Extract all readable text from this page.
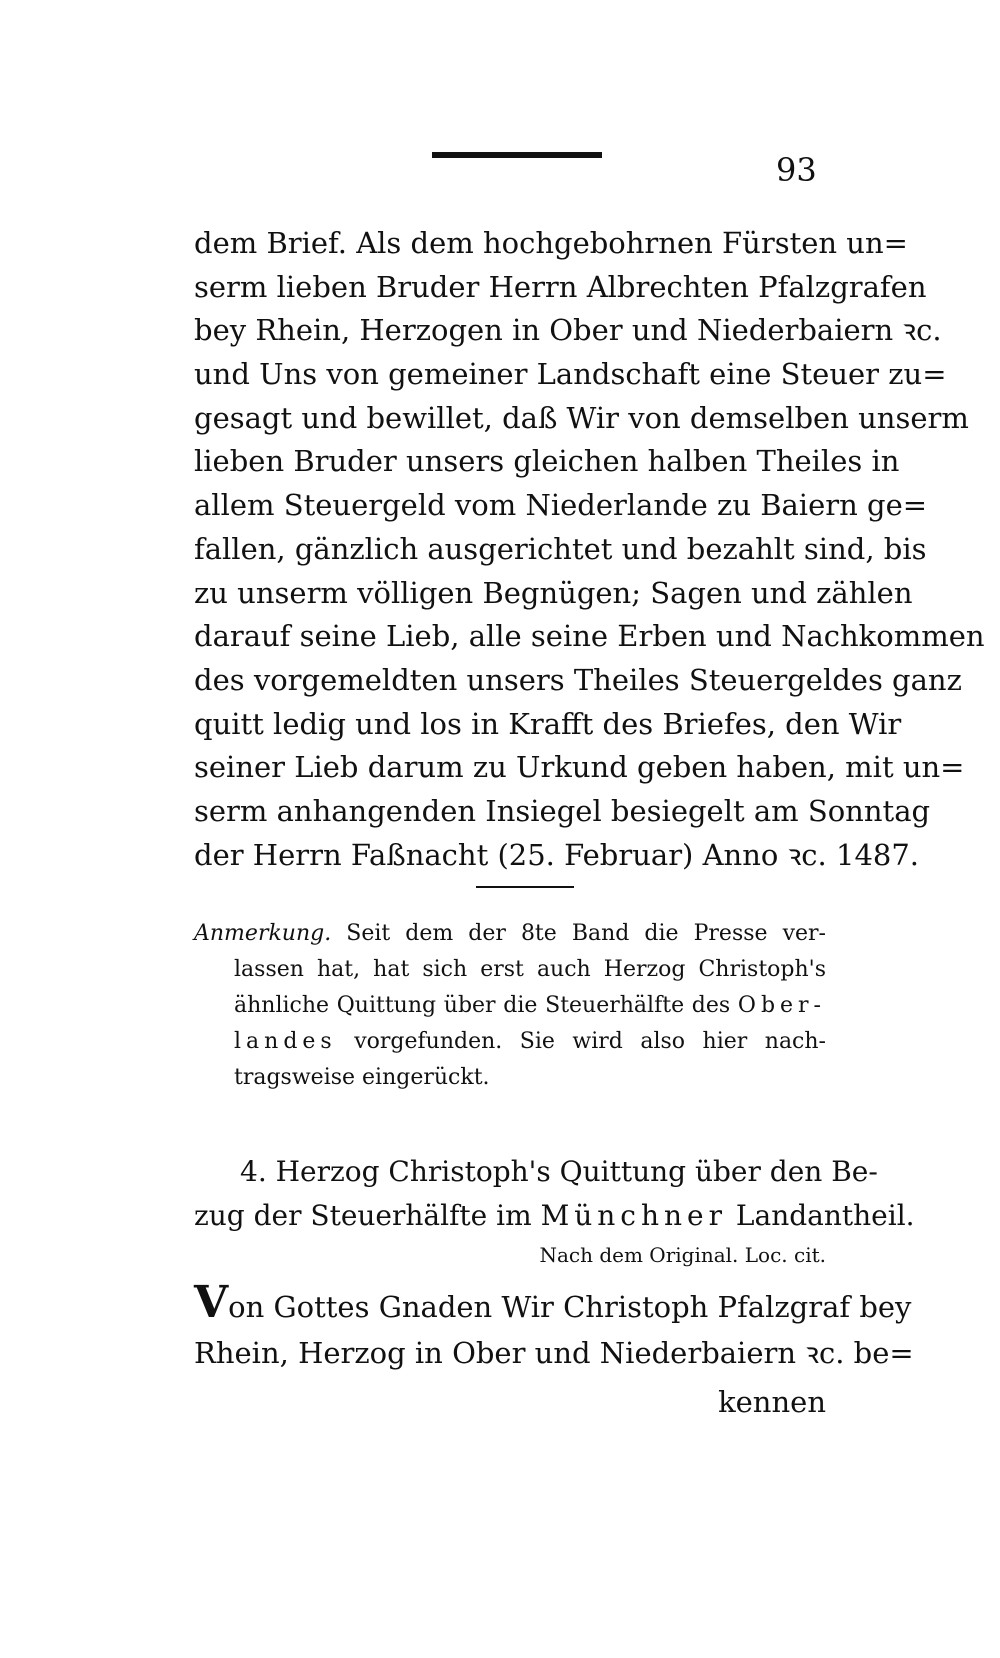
93
dem Brief. Als dem hochgebohrnen Fürsten un=
serm lieben Bruder Herrn Albrechten Pfalzgrafen
bey Rhein, Herzogen in Ober und Niederbaiern ꝛc.
und Uns von gemeiner Landschaft eine Steuer zu=
gesagt und bewillet, daß Wir von demselben unserm
lieben Bruder unsers gleichen halben Theiles in
allem Steuergeld vom Niederlande zu Baiern ge=
fallen, gänzlich ausgerichtet und bezahlt sind, bis
zu unserm völligen Begnügen; Sagen und zählen
darauf seine Lieb, alle seine Erben und Nachkommen
des vorgemeldten unsers Theiles Steuergeldes ganz
quitt ledig und los in Krafft des Briefes, den Wir
seiner Lieb darum zu Urkund geben haben, mit un=
serm anhangenden Insiegel besiegelt am Sonntag
der Herrn Faßnacht (25. Februar) Anno ꝛc. 1487.
Anmerkung. Seit dem der 8te Band die Presse ver-
lassen hat, hat sich erst auch Herzog Christoph's
ähnliche Quittung über die Steuerhälfte des Ober-
landes vorgefunden. Sie wird also hier nach-
tragsweise eingerückt.
4. Herzog Christoph's Quittung über den Be-
zug der Steuerhälfte im Münchner Landantheil.
Nach dem Original. Loc. cit.
Von Gottes Gnaden Wir Christoph Pfalzgraf bey
Rhein, Herzog in Ober und Niederbaiern ꝛc. be=
kennen
